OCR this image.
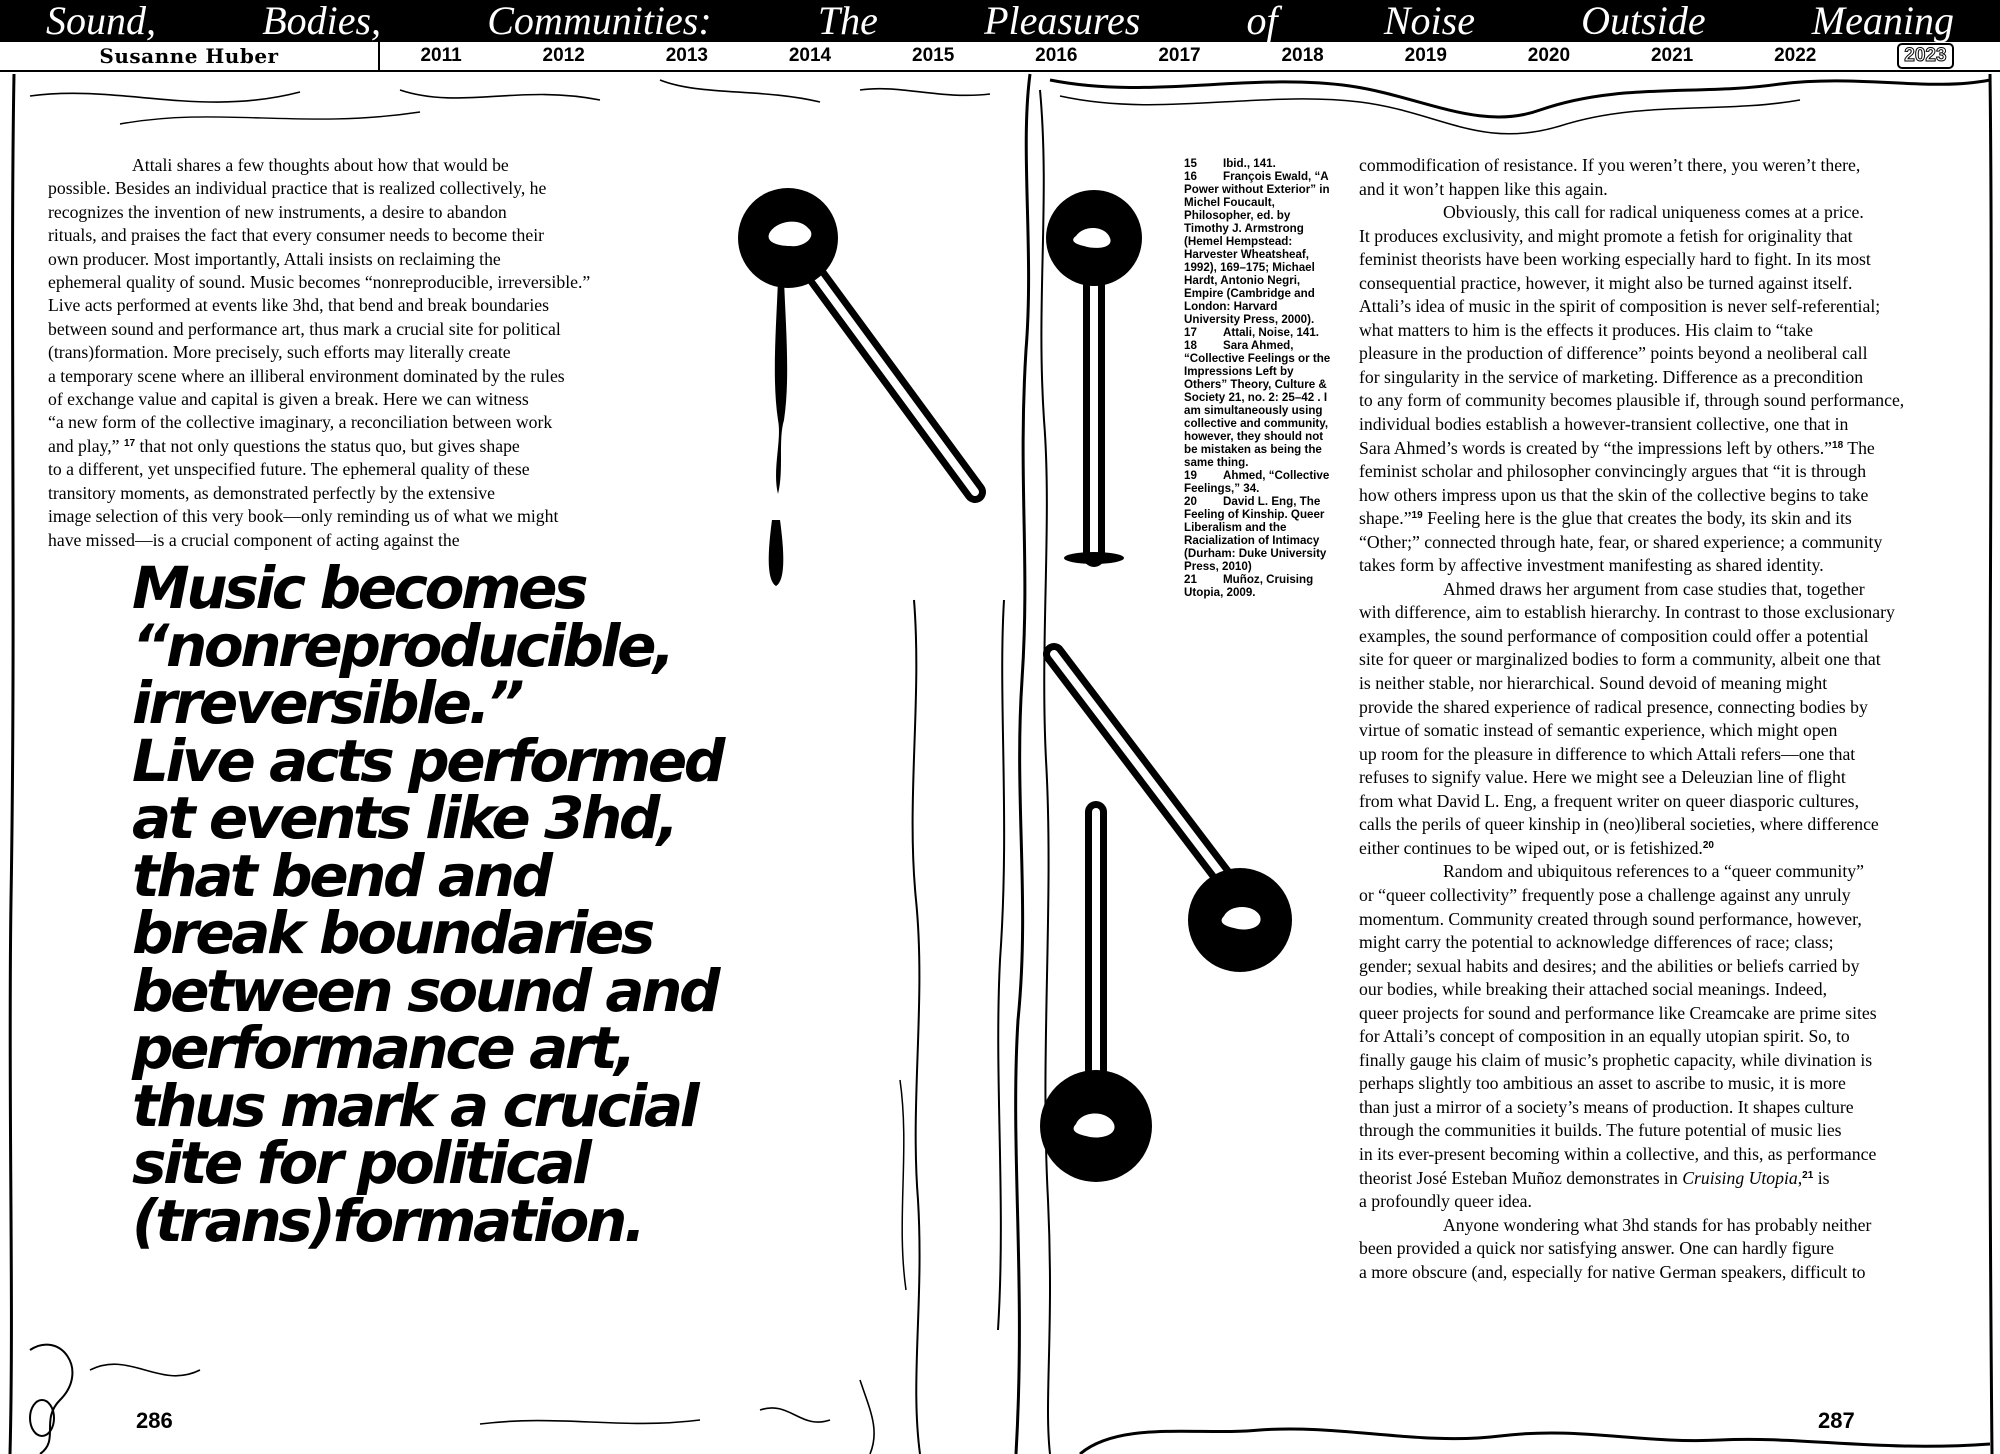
Sound,	Bodies,	Communities:	The	Pleasures	of	Noise	Outside	Meaning
Susanne Huber	2011	2012	2013	2014	2015	2016	2017	2018	2019	2020	2021	2022	2023

Attali shares a few thoughts about how that would be
possible. Besides an individual practice that is realized collectively, he
recognizes the invention of new instruments, a desire to abandon
rituals, and praises the fact that every consumer needs to become their
own producer. Most importantly, Attali insists on reclaiming the
ephemeral quality of sound. Music becomes “nonreproducible, irreversible.”
Live acts performed at events like 3hd, that bend and break boundaries
between sound and performance art, thus mark a crucial site for political
(trans)formation. More precisely, such efforts may literally create
a temporary scene where an illiberal environment dominated by the rules
of exchange value and capital is given a break. Here we can witness
“a new form of the collective imaginary, a reconciliation between work
and play,” $^{17}$ that not only questions the status quo, but gives shape
to a different, yet unspecified future. The ephemeral quality of these
transitory moments, as demonstrated perfectly by the extensive
image selection of this very book—only reminding us of what we might
have missed—is a crucial component of acting against the

Music becomes
“nonreproducible,
irreversible.”
Live acts performed
at events like 3hd,
that bend and
break boundaries
between sound and
performance art,
thus mark a crucial
site for political
(trans)formation.
15 Ibid., 141.
16 François Ewald, “A Power without Exterior” in Michel Foucault, Philosopher, ed. by Timothy J. Armstrong (Hemel Hempstead: Harvester Wheatsheaf, 1992), 169–175; Michael Hardt, Antonio Negri, Empire (Cambridge and London: Harvard University Press, 2000).
17 Attali, Noise, 141.
18 Sara Ahmed, “Collective Feelings or the Impressions Left by Others” Theory, Culture & Society 21, no. 2: 25–42 . I am simultaneously using collective and community, however, they should not be mistaken as being the same thing.
19 Ahmed, “Collective Feelings,” 34.
20 David L. Eng, The Feeling of Kinship. Queer Liberalism and the Racialization of Intimacy (Durham: Duke University Press, 2010)
21 Muñoz, Cruising Utopia, 2009.

commodification of resistance. If you weren’t there, you weren’t there,
and it won’t happen like this again.

Obviously, this call for radical uniqueness comes at a price.
It produces exclusivity, and might promote a fetish for originality that
feminist theorists have been working especially hard to fight. In its most
consequential practice, however, it might also be turned against itself.
Attali’s idea of music in the spirit of composition is never self-referential;
what matters to him is the effects it produces. His claim to “take
pleasure in the production of difference” points beyond a neoliberal call
for singularity in the service of marketing. Difference as a precondition
to any form of community becomes plausible if, through sound performance,
individual bodies establish a however-transient collective, one that in
Sara Ahmed’s words is created by “the impressions left by others.”$^{18}$ The
feminist scholar and philosopher convincingly argues that “it is through
how others impress upon us that the skin of the collective begins to take
shape.”$^{19}$ Feeling here is the glue that creates the body, its skin and its
“Other;” connected through hate, fear, or shared experience; a community
takes form by affective investment manifesting as shared identity.

Ahmed draws her argument from case studies that, together
with difference, aim to establish hierarchy. In contrast to those exclusionary
examples, the sound performance of composition could offer a potential
site for queer or marginalized bodies to form a community, albeit one that
is neither stable, nor hierarchical. Sound devoid of meaning might
provide the shared experience of radical presence, connecting bodies by
virtue of somatic instead of semantic experience, which might open
up room for the pleasure in difference to which Attali refers—one that
refuses to signify value. Here we might see a Deleuzian line of flight
from what David L. Eng, a frequent writer on queer diasporic cultures,
calls the perils of queer kinship in (neo)liberal societies, where difference
either continues to be wiped out, or is fetishized.$^{20}$

Random and ubiquitous references to a “queer community”
or “queer collectivity” frequently pose a challenge against any unruly
momentum. Community created through sound performance, however,
might carry the potential to acknowledge differences of race; class;
gender; sexual habits and desires; and the abilities or beliefs carried by
our bodies, while breaking their attached social meanings. Indeed,
queer projects for sound and performance like Creamcake are prime sites
for Attali’s concept of composition in an equally utopian spirit. So, to
finally gauge his claim of music’s prophetic capacity, while divination is
perhaps slightly too ambitious an asset to ascribe to music, it is more
than just a mirror of a society’s means of production. It shapes culture
through the communities it builds. The future potential of music lies
in its ever-present becoming within a collective, and this, as performance
theorist José Esteban Muñoz demonstrates in Cruising Utopia,$^{21}$ is
a profoundly queer idea.

Anyone wondering what 3hd stands for has probably neither
been provided a quick nor satisfying answer. One can hardly figure
a more obscure (and, especially for native German speakers, difficult to

286	287
